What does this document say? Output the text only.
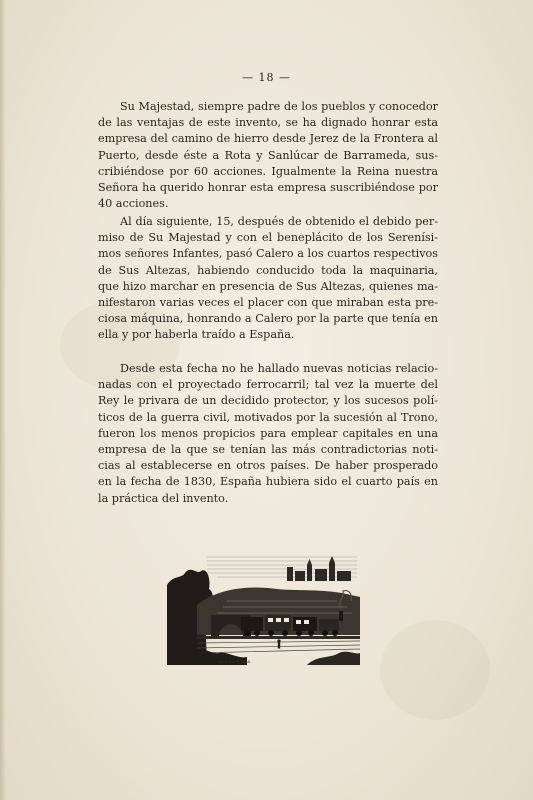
— 18 —

Su Majestad, siempre padre de los pueblos y conocedor de las ventajas de este invento, se ha dignado honrar esta empresa del camino de hierro desde Jerez de la Frontera al Puerto, desde éste a Rota y Sanlúcar de Barrameda, suscribiéndose por 60 acciones. Igualmente la Reina nuestra Señora ha querido honrar esta empresa suscribiéndose por 40 acciones.

Al día siguiente, 15, después de obtenido el debido permiso de Su Majestad y con el beneplácito de los Serenísimos señores Infantes, pasó Calero a los cuartos respectivos de Sus Altezas, habiendo conducido toda la maquinaria, que hizo marchar en presencia de Sus Altezas, quienes manifestaron varias veces el placer con que miraban esta preciosa máquina, honrando a Calero por la parte que tenía en ella y por haberla traído a España.

Desde esta fecha no he hallado nuevas noticias relacionadas con el proyectado ferrocarril; tal vez la muerte del Rey le privara de un decidido protector, y los sucesos políticos de la guerra civil, motivados por la sucesión al Trono, fueron los menos propicios para emplear capitales en una empresa de la que se tenían las más contradictorias noticias al establecerse en otros países. De haber prosperado en la fecha de 1830, España hubiera sido el cuarto país en la práctica del invento.

A L E G. V. M. GRAB.
